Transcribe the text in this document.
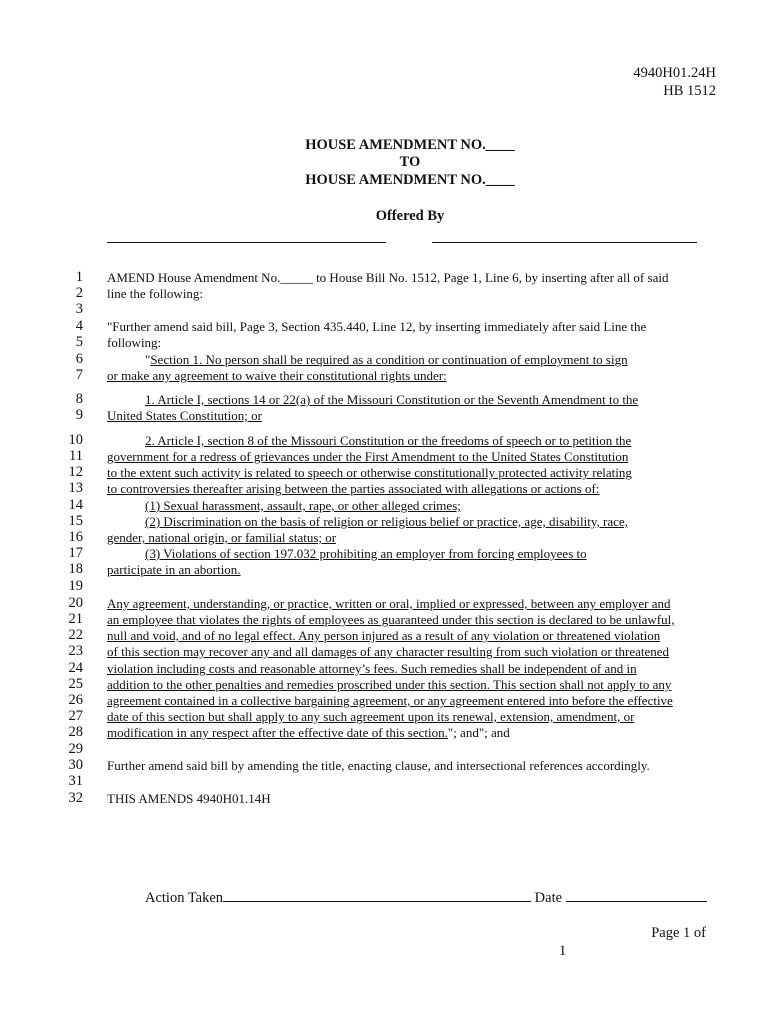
4940H01.24H
HB 1512
HOUSE AMENDMENT NO.____
TO
HOUSE AMENDMENT NO.____
Offered By
1 AMEND House Amendment No._____ to House Bill No. 1512, Page 1, Line 6, by inserting after all of said
2 line the following:
3
4 "Further amend said bill, Page 3, Section 435.440, Line 12, by inserting immediately after said Line the
5 following:
6	"Section 1. No person shall be required as a condition or continuation of employment to sign
7 or make any agreement to waive their constitutional rights under:
8	1. Article I, sections 14 or 22(a) of the Missouri Constitution or the Seventh Amendment to the
9 United States Constitution; or
10	2. Article I, section 8 of the Missouri Constitution or the freedoms of speech or to petition the
11 government for a redress of grievances under the First Amendment to the United States Constitution
12 to the extent such activity is related to speech or otherwise constitutionally protected activity relating
13 to controversies thereafter arising between the parties associated with allegations or actions of:
14	(1) Sexual harassment, assault, rape, or other alleged crimes;
15	(2) Discrimination on the basis of religion or religious belief or practice, age, disability, race,
16 gender, national origin, or familial status; or
17	(3) Violations of section 197.032 prohibiting an employer from forcing employees to
18 participate in an abortion.
19
20 Any agreement, understanding, or practice, written or oral, implied or expressed, between any employer and
21 an employee that violates the rights of employees as guaranteed under this section is declared to be unlawful,
22 null and void, and of no legal effect. Any person injured as a result of any violation or threatened violation
23 of this section may recover any and all damages of any character resulting from such violation or threatened
24 violation including costs and reasonable attorney’s fees. Such remedies shall be independent of and in
25 addition to the other penalties and remedies proscribed under this section. This section shall not apply to any
26 agreement contained in a collective bargaining agreement, or any agreement entered into before the effective
27 date of this section but shall apply to any such agreement upon its renewal, extension, amendment, or
28 modification in any respect after the effective date of this section."; and"; and
29
30 Further amend said bill by amending the title, enacting clause, and intersectional references accordingly.
31
32 THIS AMENDS 4940H01.14H
Action Taken	Date
Page 1 of
1
